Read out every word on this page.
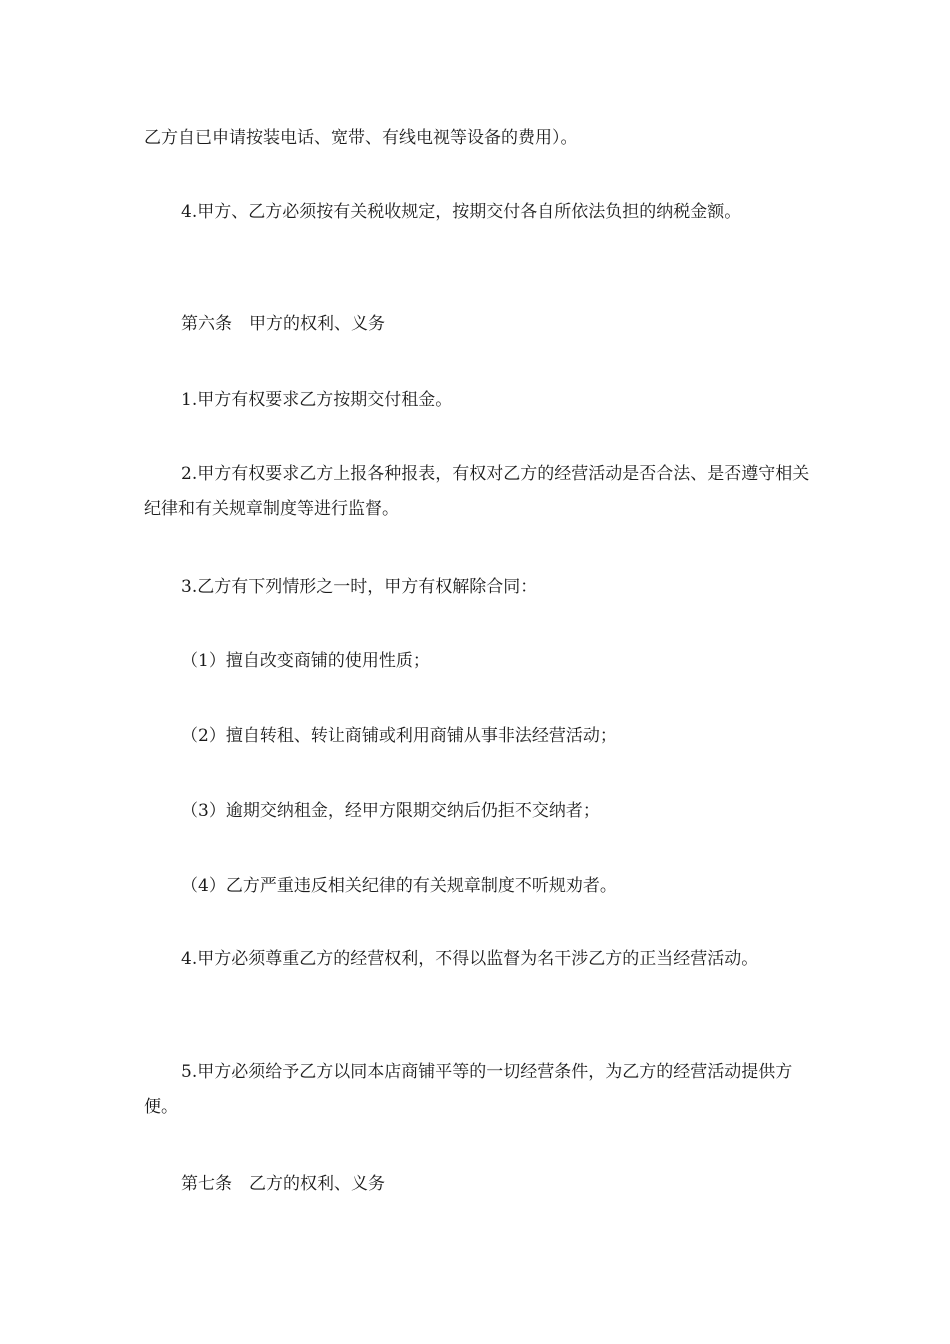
乙方自已申请按装电话、宽带、有线电视等设备的费用）。
4.甲方、乙方必须按有关税收规定，按期交付各自所依法负担的纳税金额。
第六条　甲方的权利、义务
1.甲方有权要求乙方按期交付租金。
2.甲方有权要求乙方上报各种报表，有权对乙方的经营活动是否合法、是否遵守相关纪律和有关规章制度等进行监督。
3.乙方有下列情形之一时，甲方有权解除合同：
（1）擅自改变商铺的使用性质；
（2）擅自转租、转让商铺或利用商铺从事非法经营活动；
（3）逾期交纳租金，经甲方限期交纳后仍拒不交纳者；
（4）乙方严重违反相关纪律的有关规章制度不听规劝者。
4.甲方必须尊重乙方的经营权利，不得以监督为名干涉乙方的正当经营活动。
5.甲方必须给予乙方以同本店商铺平等的一切经营条件，为乙方的经营活动提供方便。
第七条　乙方的权利、义务
